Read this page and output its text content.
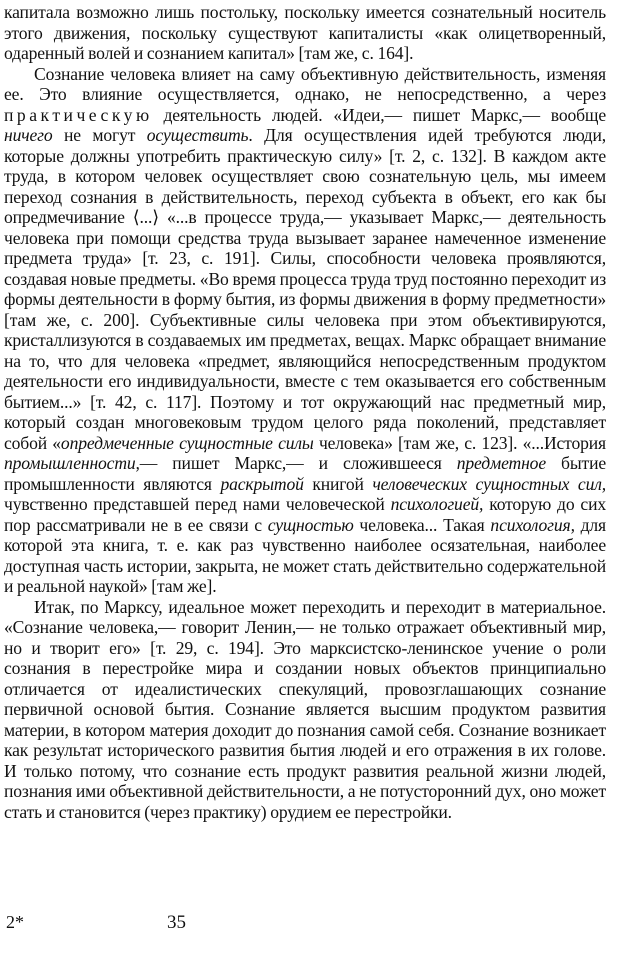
капитала возможно лишь постольку, поскольку имеется сознательный носитель этого движения, поскольку существуют капиталисты «как олицетворенный, одаренный волей и сознанием капитал» [там же, с. 164].

Сознание человека влияет на саму объективную действительность, изменяя ее. Это влияние осуществляется, однако, не непосредственно, а через практическую деятельность людей. «Идеи,— пишет Маркс,— вообще ничего не могут осуществить. Для осуществления идей требуются люди, которые должны употребить практическую силу» [т. 2, с. 132]. В каждом акте труда, в котором человек осуществляет свою сознательную цель, мы имеем переход сознания в действительность, переход субъекта в объект, его как бы опредмечивание ⟨...⟩ «...в процессе труда,— указывает Маркс,— деятельность человека при помощи средства труда вызывает заранее намеченное изменение предмета труда» [т. 23, с. 191]. Силы, способности человека проявляются, создавая новые предметы. «Во время процесса труда труд постоянно переходит из формы деятельности в форму бытия, из формы движения в форму предметности» [там же, с. 200]. Субъективные силы человека при этом объективируются, кристаллизуются в создаваемых им предметах, вещах. Маркс обращает внимание на то, что для человека «предмет, являющийся непосредственным продуктом деятельности его индивидуальности, вместе с тем оказывается его собственным бытием...» [т. 42, с. 117]. Поэтому и тот окружающий нас предметный мир, который создан многовековым трудом целого ряда поколений, представляет собой «опредмеченные сущностные силы человека» [там же, с. 123]. «...История промышленности,— пишет Маркс,— и сложившееся предметное бытие промышленности являются раскрытой книгой человеческих сущностных сил, чувственно представшей перед нами человеческой психологией, которую до сих пор рассматривали не в ее связи с сущностью человека... Такая психология, для которой эта книга, т. е. как раз чувственно наиболее осязательная, наиболее доступная часть истории, закрыта, не может стать действительно содержательной и реальной наукой» [там же].

Итак, по Марксу, идеальное может переходить и переходит в материальное. «Сознание человека,— говорит Ленин,— не только отражает объективный мир, но и творит его» [т. 29, с. 194]. Это марксистско-ленинское учение о роли сознания в перестройке мира и создании новых объектов принципиально отличается от идеалистических спекуляций, провозглашающих сознание первичной основой бытия. Сознание является высшим продуктом развития материи, в котором материя доходит до познания самой себя. Сознание возникает как результат исторического развития бытия людей и его отражения в их голове. И только потому, что сознание есть продукт развития реальной жизни людей, познания ими объективной действительности, а не потусторонний дух, оно может стать и становится (через практику) орудием ее перестройки.

2*	35
